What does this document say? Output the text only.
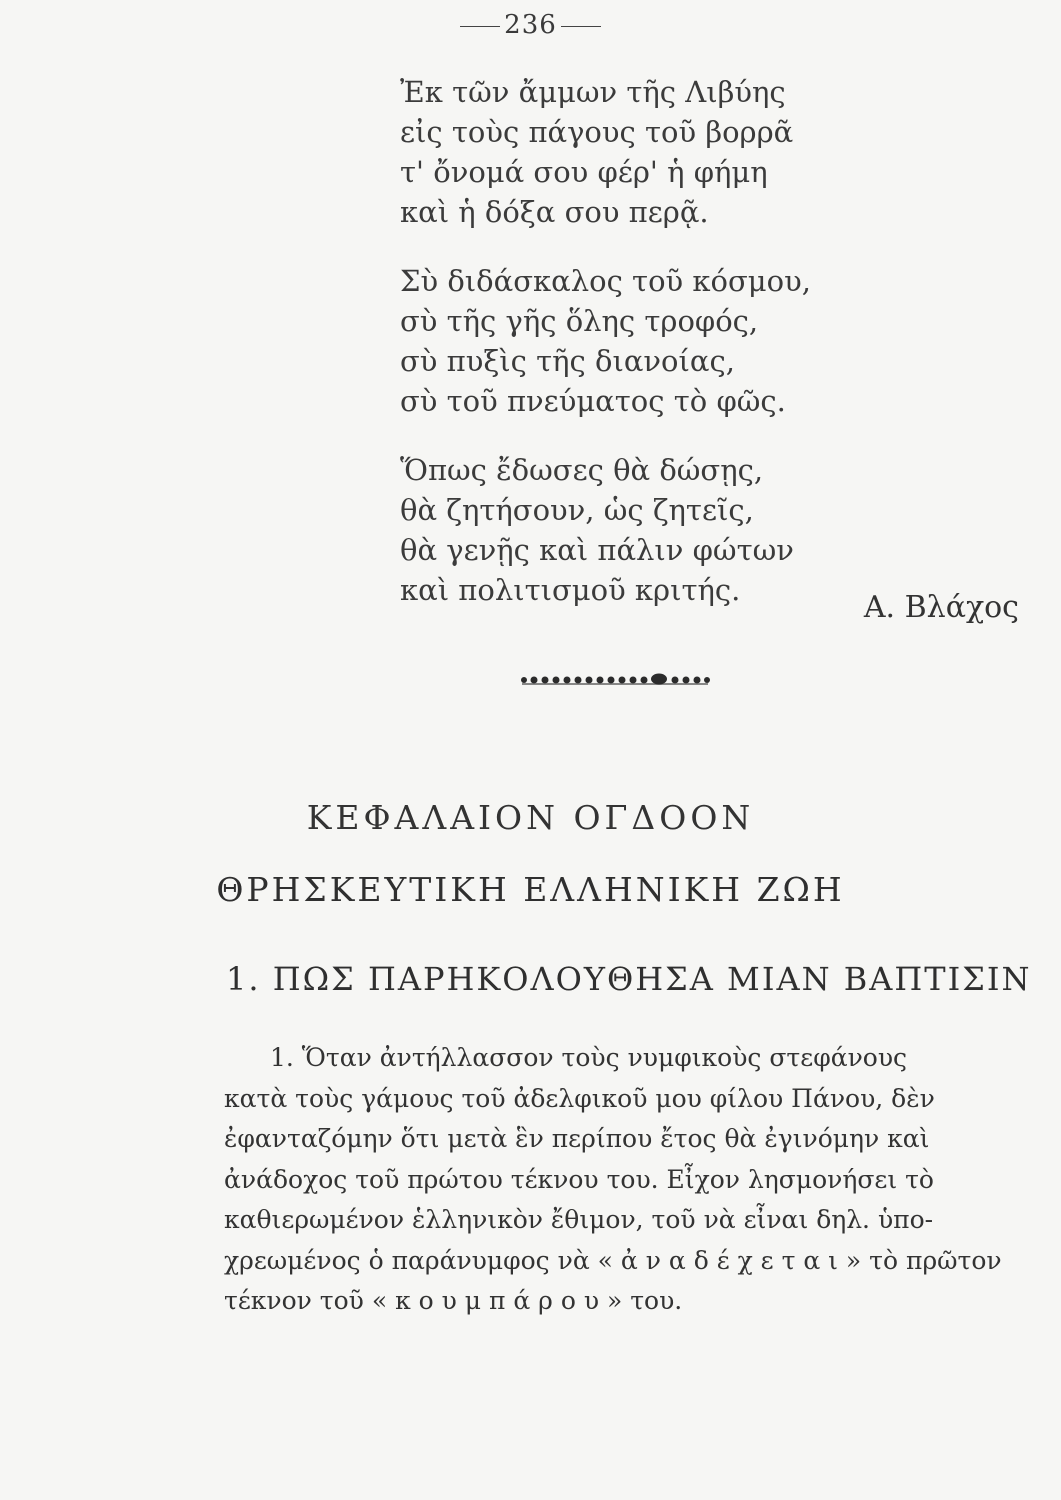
236
Ἐκ τῶν ἄμμων τῆς Λιβύης
εἰς τοὺς πάγους τοῦ βορρᾶ
τ' ὄνομά σου φέρ' ἡ φήμη
καὶ ἡ δόξα σου περᾷ.
Σὺ διδάσκαλος τοῦ κόσμου,
σὺ τῆς γῆς ὅλης τροφός,
σὺ πυξὶς τῆς διανοίας,
σὺ τοῦ πνεύματος τὸ φῶς.
Ὅπως ἔδωσες θὰ δώσῃς,
θὰ ζητήσουν, ὡς ζητεῖς,
θὰ γενῇς καὶ πάλιν φώτων
καὶ πολιτισμοῦ κριτής.	Α. Βλάχος
ΚΕΦΑΛΑΙΟΝ ΟΓΔΟΟΝ
ΘΡΗΣΚΕΥΤΙΚΗ ΕΛΛΗΝΙΚΗ ΖΩΗ
1. ΠΩΣ ΠΑΡΗΚΟΛΟΥΘΗΣΑ ΜΙΑΝ ΒΑΠΤΙΣΙΝ
1. Ὅταν ἀντήλλασσον τοὺς νυμφικοὺς στεφάνους
κατὰ τοὺς γάμους τοῦ ἀδελφικοῦ μου φίλου Πάνου, δὲν
ἐφανταζόμην ὅτι μετὰ ἓν περίπου ἔτος θὰ ἐγινόμην καὶ
ἀνάδοχος τοῦ πρώτου τέκνου του. Εἶχον λησμονήσει τὸ
καθιερωμένον ἑλληνικὸν ἔθιμον, τοῦ νὰ εἶναι δηλ. ὑπο-
χρεωμένος ὁ παράνυμφος νὰ « ἀ ν α δ έ χ ε τ α ι » τὸ πρῶτον
τέκνον τοῦ « κ ο υ μ π ά ρ ο υ » του.
